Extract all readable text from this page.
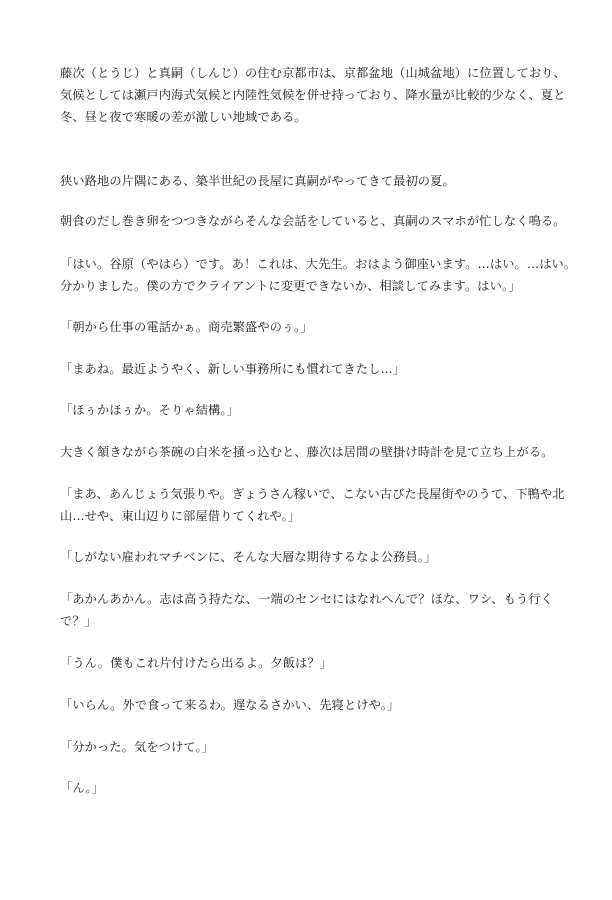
藤次（とうじ）と真嗣（しんじ）の住む京都市は、京都盆地（山城盆地）に位置しており、
気候としては瀬戸内海式気候と内陸性気候を併せ持っており、降水量が比較的少なく、夏と
冬、昼と夜で寒暖の差が激しい地域である。

狭い路地の片隅にある、築半世紀の長屋に真嗣がやってきて最初の夏。

朝食のだし巻き卵をつつきながらそんな会話をしていると、真嗣のスマホが忙しなく鳴る。

「はい。谷原（やはら）です。あ！これは、大先生。おはよう御座います。…はい。…はい。
分かりました。僕の方でクライアントに変更できないか、相談してみます。はい。」

「朝から仕事の電話かぁ。商売繁盛やのぅ。」

「まあね。最近ようやく、新しい事務所にも慣れてきたし…」

「ほぅかほぅか。そりゃ結構。」

大きく頷きながら茶碗の白米を掻っ込むと、藤次は居間の壁掛け時計を見て立ち上がる。

「まあ、あんじょう気張りや。ぎょうさん稼いで、こない古びた長屋街やのうて、下鴨や北
山…せや、東山辺りに部屋借りてくれや。」

「しがない雇われマチベンに、そんな大層な期待するなよ公務員。」

「あかんあかん。志は高う持たな、一端のセンセにはなれへんで？ほな、ワシ、もう行く
で？」

「うん。僕もこれ片付けたら出るよ。夕飯は？」

「いらん。外で食って来るわ。遅なるさかい、先寝とけや。」

「分かった。気をつけて。」

「ん。」
